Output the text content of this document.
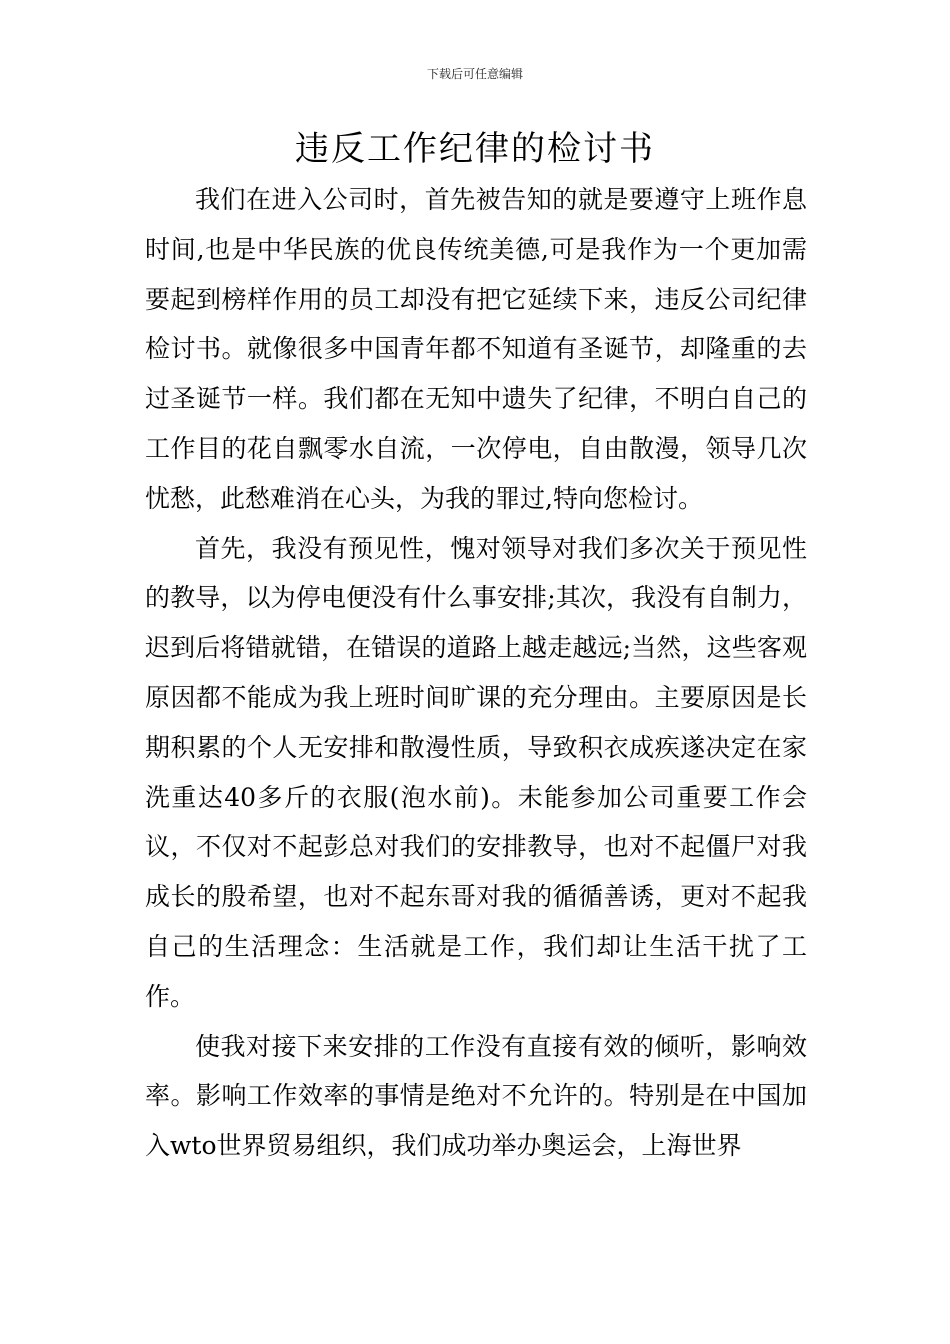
下载后可任意编辑
违反工作纪律的检讨书

我们在进入公司时，首先被告知的就是要遵守上班作息时间,也是中华民族的优良传统美德,可是我作为一个更加需要起到榜样作用的员工却没有把它延续下来，违反公司纪律检讨书。就像很多中国青年都不知道有圣诞节，却隆重的去过圣诞节一样。我们都在无知中遗失了纪律，不明白自己的工作目的花自飘零水自流，一次停电，自由散漫，领导几次忧愁，此愁难消在心头，为我的罪过,特向您检讨。

首先，我没有预见性，愧对领导对我们多次关于预见性的教导，以为停电便没有什么事安排;其次，我没有自制力，迟到后将错就错，在错误的道路上越走越远;当然，这些客观原因都不能成为我上班时间旷课的充分理由。主要原因是长期积累的个人无安排和散漫性质，导致积衣成疾遂决定在家洗重达40多斤的衣服(泡水前)。未能参加公司重要工作会议，不仅对不起彭总对我们的安排教导，也对不起僵尸对我成长的殷希望，也对不起东哥对我的循循善诱，更对不起我自己的生活理念：生活就是工作，我们却让生活干扰了工作。

使我对接下来安排的工作没有直接有效的倾听，影响效率。影响工作效率的事情是绝对不允许的。特别是在中国加入wto世界贸易组织，我们成功举办奥运会，上海世界
